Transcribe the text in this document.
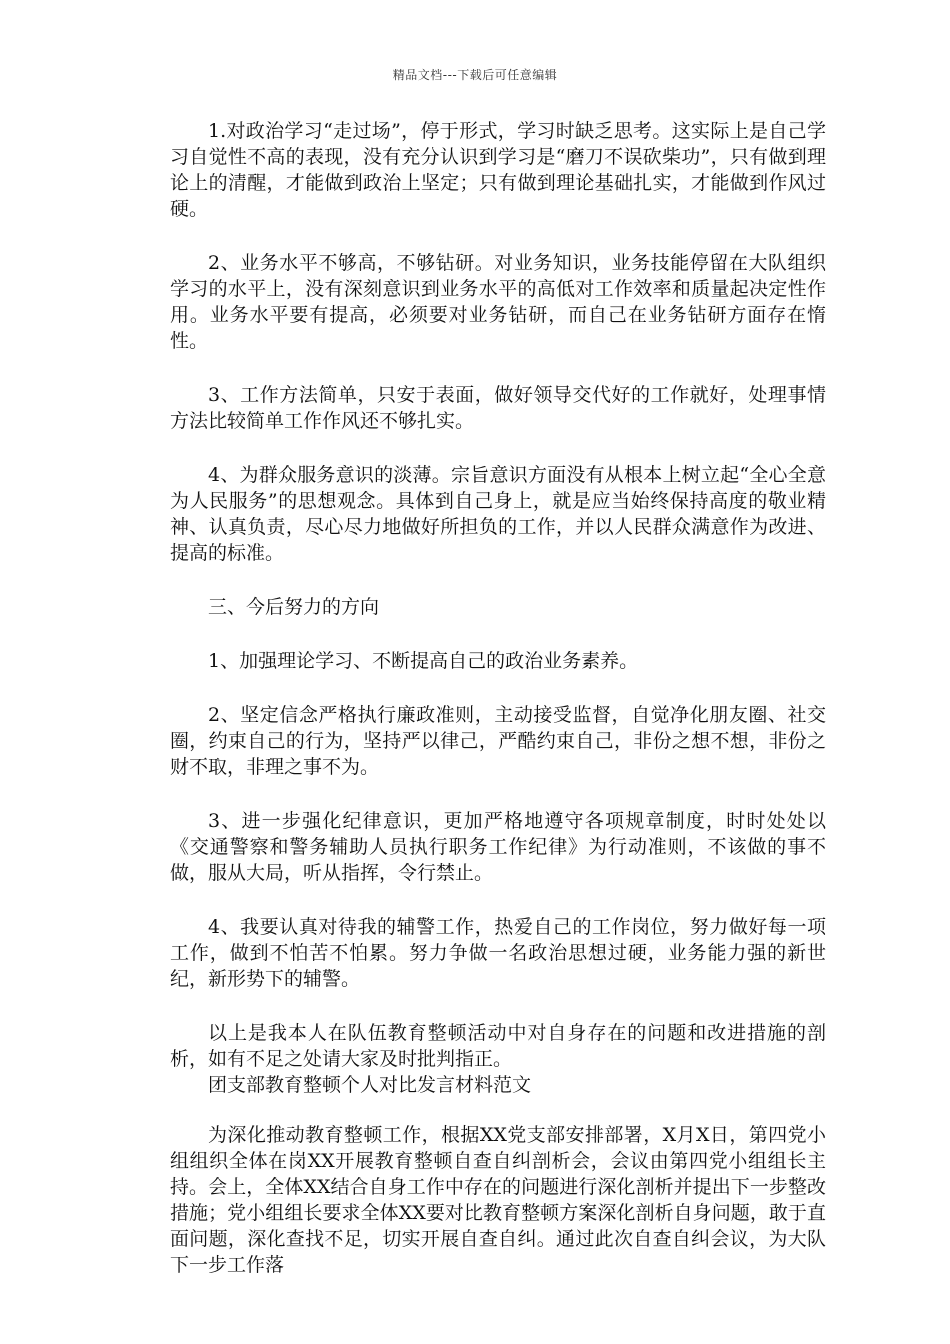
精品文档---下载后可任意编辑

1.对政治学习“走过场”，停于形式，学习时缺乏思考。这实际上是自己学习自觉性不高的表现，没有充分认识到学习是“磨刀不误砍柴功”，只有做到理论上的清醒，才能做到政治上坚定；只有做到理论基础扎实，才能做到作风过硬。

2、业务水平不够高，不够钻研。对业务知识，业务技能停留在大队组织学习的水平上，没有深刻意识到业务水平的高低对工作效率和质量起决定性作用。业务水平要有提高，必须要对业务钻研，而自己在业务钻研方面存在惰性。

3、工作方法简单，只安于表面，做好领导交代好的工作就好，处理事情方法比较简单工作作风还不够扎实。

4、为群众服务意识的淡薄。宗旨意识方面没有从根本上树立起“全心全意为人民服务”的思想观念。具体到自己身上，就是应当始终保持高度的敬业精神、认真负责，尽心尽力地做好所担负的工作，并以人民群众满意作为改进、提高的标准。

三、今后努力的方向

1、加强理论学习、不断提高自己的政治业务素养。

2、坚定信念严格执行廉政准则，主动接受监督，自觉净化朋友圈、社交圈，约束自己的行为，坚持严以律己，严酷约束自己，非份之想不想，非份之财不取，非理之事不为。

3、进一步强化纪律意识，更加严格地遵守各项规章制度，时时处处以《交通警察和警务辅助人员执行职务工作纪律》为行动准则，不该做的事不做，服从大局，听从指挥，令行禁止。

4、我要认真对待我的辅警工作，热爱自己的工作岗位，努力做好每一项工作，做到不怕苦不怕累。努力争做一名政治思想过硬，业务能力强的新世纪，新形势下的辅警。

以上是我本人在队伍教育整顿活动中对自身存在的问题和改进措施的剖析，如有不足之处请大家及时批判指正。

团支部教育整顿个人对比发言材料范文

为深化推动教育整顿工作，根据XX党支部安排部署，X月X日，第四党小组组织全体在岗XX开展教育整顿自查自纠剖析会，会议由第四党小组组长主持。会上，全体XX结合自身工作中存在的问题进行深化剖析并提出下一步整改措施；党小组组长要求全体XX要对比教育整顿方案深化剖析自身问题，敢于直面问题，深化查找不足，切实开展自查自纠。通过此次自查自纠会议，为大队下一步工作落
